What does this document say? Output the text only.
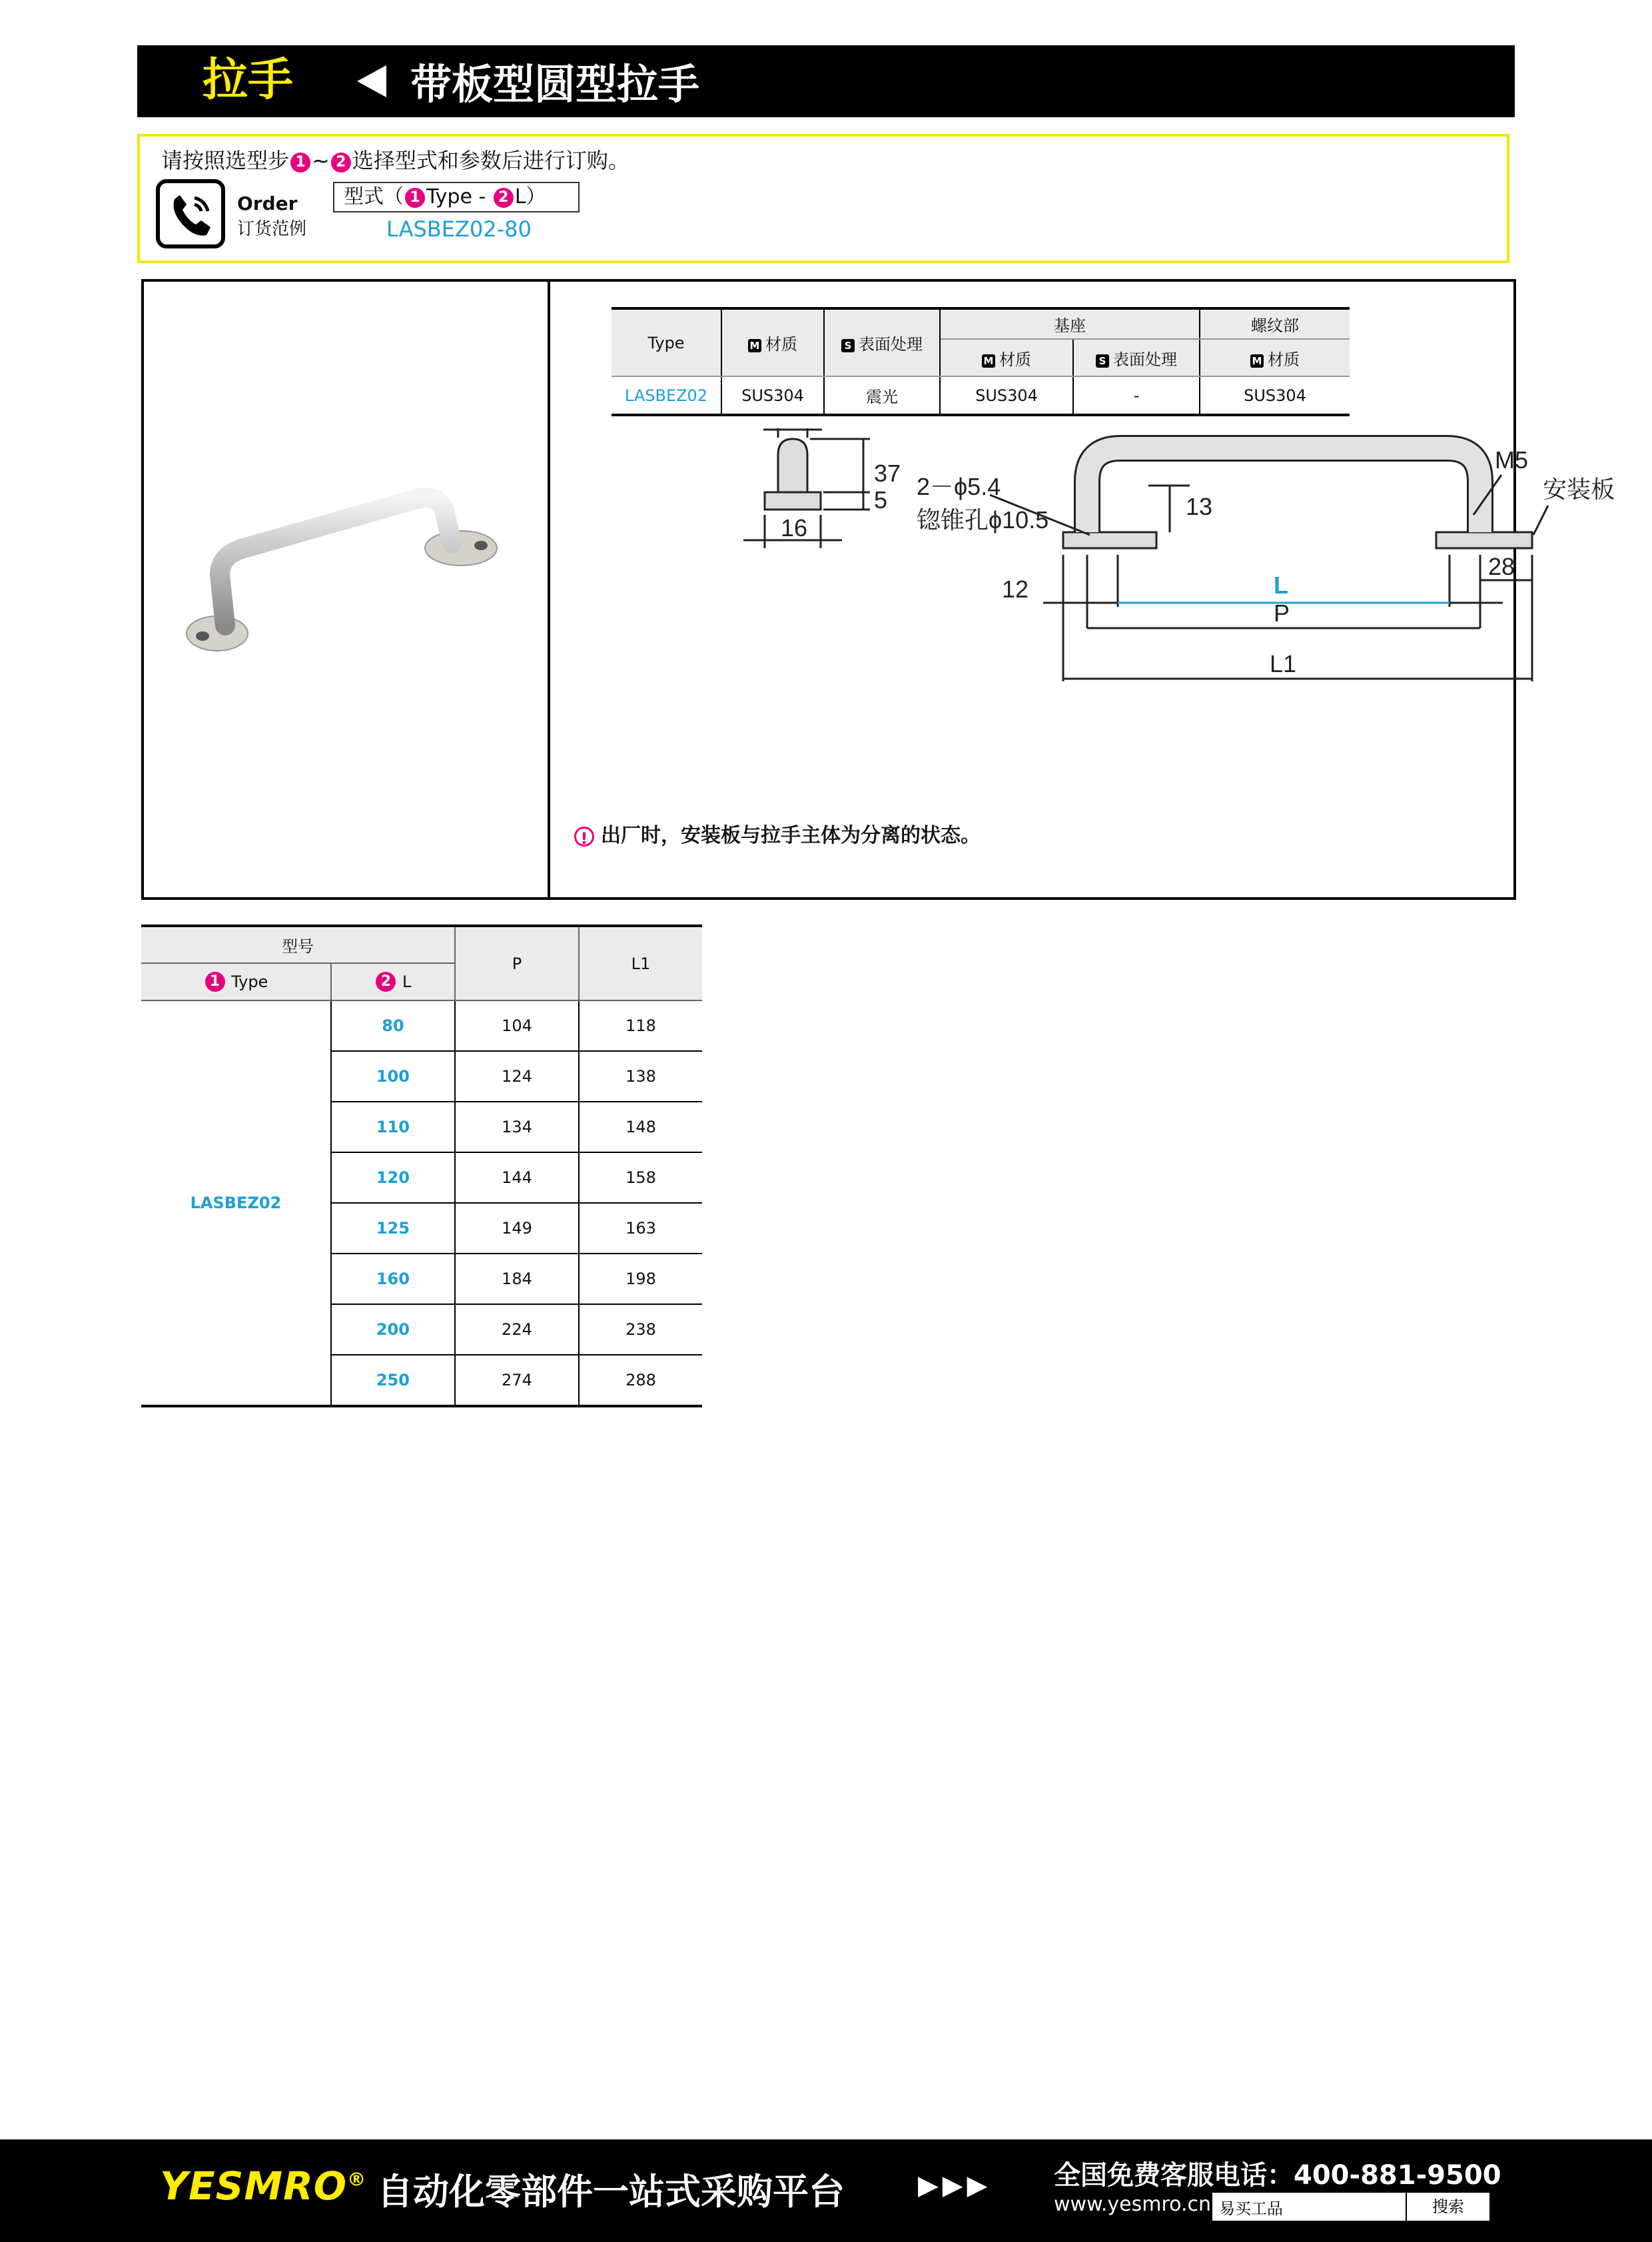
拉手	带板型圆型拉手
请按照选型步 1 ~ 2 选择型式和参数后进行订购。
Order
订货范例
型式（ 1 Type - 2 L）
LASBEZ02-80
Type	M 材质	S 表面处理	基座		螺纹部
			M 材质	S 表面处理	M 材质
LASBEZ02	SUS304	震光	SUS304	-	SUS304
37
5
16
2－ϕ5.4
锪锥孔ϕ10.5	13
M5
安装板
28
12	L
P
L1
! 出厂时，安装板与拉手主体为分离的状态。
型号		P	L1
1 Type	2 L		
LASBEZ02	80	104	118
	100	124	138
	110	134	148
	120	144	158
	125	149	163
	160	184	198
	200	224	238
	250	274	288
YESMRO® 自动化零部件一站式采购平台	▶▶▶ 全国免费客服电话：400-881-9500
www.yesmro.cn 易买工品	搜索
